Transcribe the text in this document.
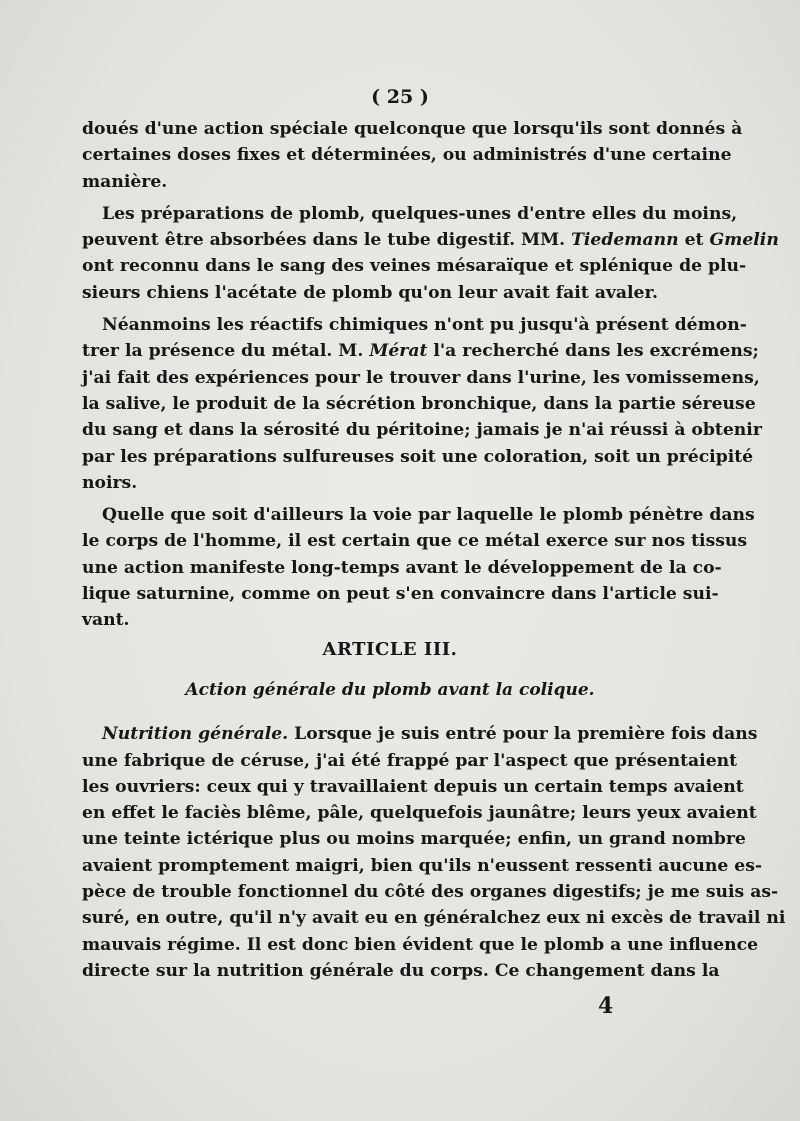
( 25 )
doués d'une action spéciale quelconque que lorsqu'ils sont donnés à
certaines doses fixes et déterminées, ou administrés d'une certaine
manière.
Les préparations de plomb, quelques-unes d'entre elles du moins,
peuvent être absorbées dans le tube digestif. MM. Tiedemann et Gmelin
ont reconnu dans le sang des veines mésaraïque et splénique de plu-
sieurs chiens l'acétate de plomb qu'on leur avait fait avaler.
Néanmoins les réactifs chimiques n'ont pu jusqu'à présent démon-
trer la présence du métal. M. Mérat l'a recherché dans les excrémens;
j'ai fait des expériences pour le trouver dans l'urine, les vomissemens,
la salive, le produit de la sécrétion bronchique, dans la partie séreuse
du sang et dans la sérosité du péritoine; jamais je n'ai réussi à obtenir
par les préparations sulfureuses soit une coloration, soit un précipité
noirs.
Quelle que soit d'ailleurs la voie par laquelle le plomb pénètre dans
le corps de l'homme, il est certain que ce métal exerce sur nos tissus
une action manifeste long-temps avant le développement de la co-
lique saturnine, comme on peut s'en convaincre dans l'article sui-
vant.
ARTICLE III.
Action générale du plomb avant la colique.
Nutrition générale. Lorsque je suis entré pour la première fois dans
une fabrique de céruse, j'ai été frappé par l'aspect que présentaient
les ouvriers: ceux qui y travaillaient depuis un certain temps avaient
en effet le faciès blême, pâle, quelquefois jaunâtre; leurs yeux avaient
une teinte ictérique plus ou moins marquée; enfin, un grand nombre
avaient promptement maigri, bien qu'ils n'eussent ressenti aucune es-
pèce de trouble fonctionnel du côté des organes digestifs; je me suis as-
suré, en outre, qu'il n'y avait eu en généralchez eux ni excès de travail ni
mauvais régime. Il est donc bien évident que le plomb a une influence
directe sur la nutrition générale du corps. Ce changement dans la
4
